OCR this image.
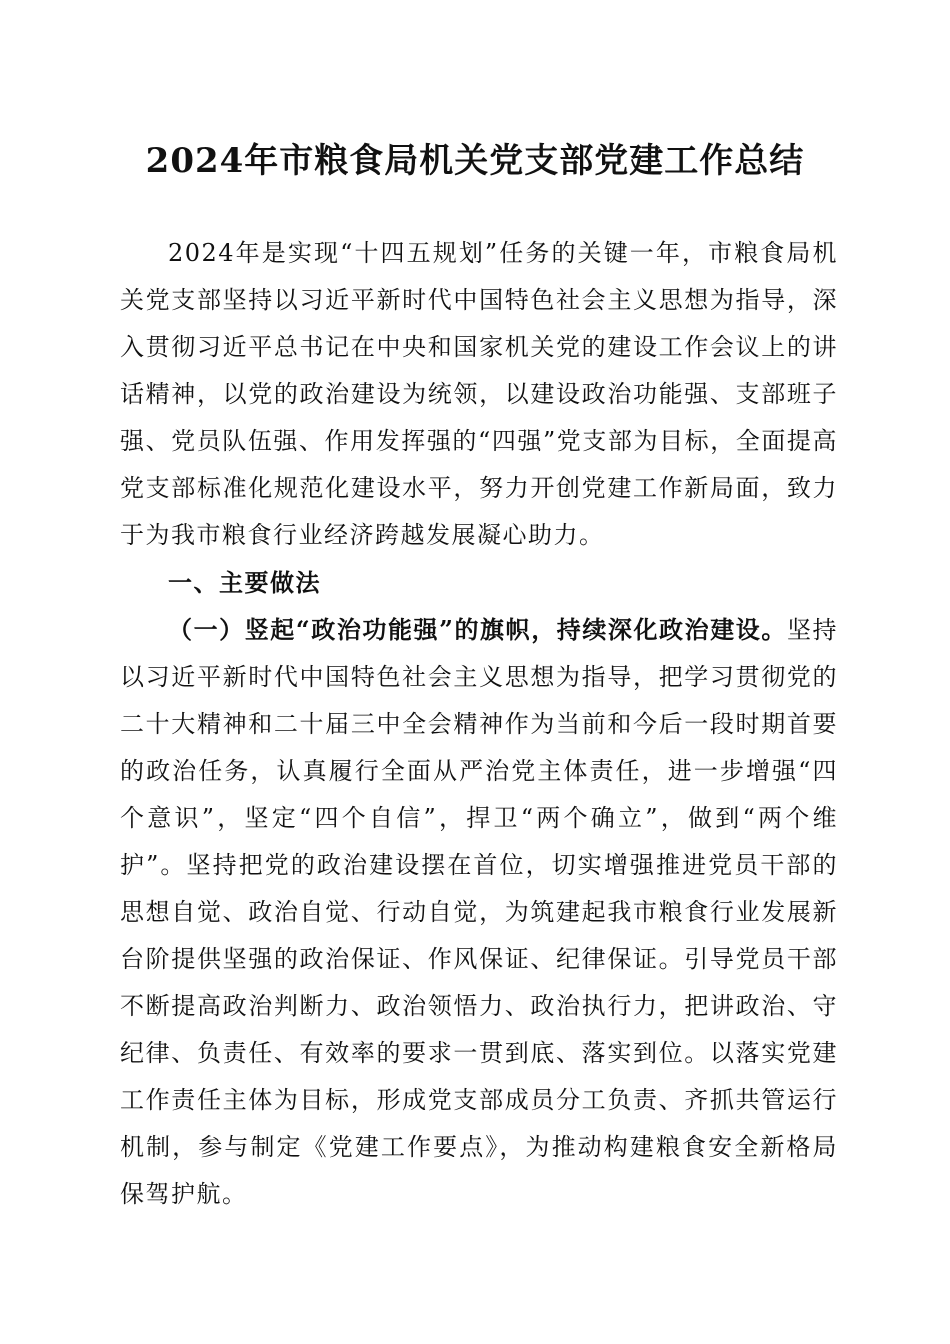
2024年市粮食局机关党支部党建工作总结

2024年是实现“十四五规划”任务的关键一年，市粮食局机关党支部坚持以习近平新时代中国特色社会主义思想为指导，深入贯彻习近平总书记在中央和国家机关党的建设工作会议上的讲话精神，以党的政治建设为统领，以建设政治功能强、支部班子强、党员队伍强、作用发挥强的“四强”党支部为目标，全面提高党支部标准化规范化建设水平，努力开创党建工作新局面，致力于为我市粮食行业经济跨越发展凝心助力。

一、主要做法

（一）竖起“政治功能强”的旗帜，持续深化政治建设。坚持以习近平新时代中国特色社会主义思想为指导，把学习贯彻党的二十大精神和二十届三中全会精神作为当前和今后一段时期首要的政治任务，认真履行全面从严治党主体责任，进一步增强“四个意识”，坚定“四个自信”，捍卫“两个确立”，做到“两个维护”。坚持把党的政治建设摆在首位，切实增强推进党员干部的思想自觉、政治自觉、行动自觉，为筑建起我市粮食行业发展新台阶提供坚强的政治保证、作风保证、纪律保证。引导党员干部不断提高政治判断力、政治领悟力、政治执行力，把讲政治、守纪律、负责任、有效率的要求一贯到底、落实到位。以落实党建工作责任主体为目标，形成党支部成员分工负责、齐抓共管运行机制，参与制定《党建工作要点》，为推动构建粮食安全新格局保驾护航。
